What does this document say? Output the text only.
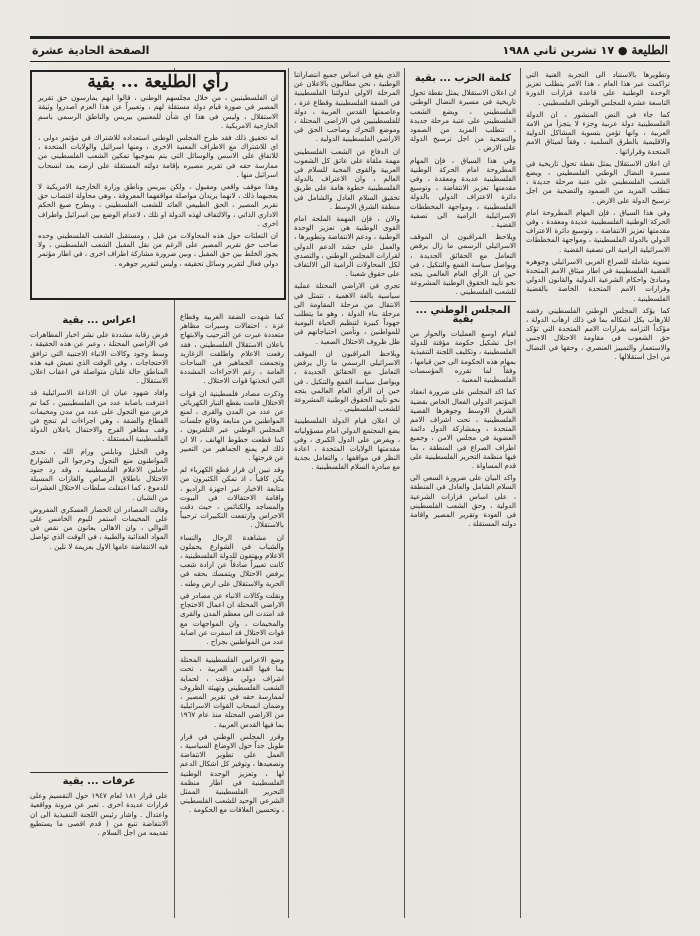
الطليعة ● ١٧ تشرين ثاني ١٩٨٨
الصفحة الحادية عشرة
رأي الطليعة ... بقية

ان الفلسطينيين ، من خلال مجلسهم الوطني ، قالوا انهم يمارسون حق تقرير المصير في صورة قيام دولة مستقلة لهم ، وتعبيراً عن هذا العزم اصدروا وثيقة الاستقلال ، وليس في هذا اي شأن للمعنيين بيريس والناطق الرسمي باسم الخارجية الامريكية .

انه تحقيق ذلك فقد طرح المجلس الوطني استعداده للاشتراك في مؤتمر دولي ، اي للاشتراك مع الاطراف المعنية الاخرى ، ومنها اسرائيل والولايات المتحدة ، للاتفاق على الاسس والوسائل التي يتم بموجبها تمكين الشعب الفلسطيني من ممارسة حقه في تقرير مصيره بإقامة دولته المستقلة على ارضه بعد انسحاب اسرائيل منها .

وهذا موقف واقعي ومقبول ، ولكن بيريس وناطق وزارة الخارجية الامريكية لا يعجبهما ذلك ، لانهما يريدان مواصلة مواقفهما المعروفة ، وهي محاولة اغتصاب حق تقرير المصير ، الحق الطبيعي العائد للشعب الفلسطيني ، وبطرح صيغ الحكم الاداري الذاتي ، والالتفاف لهذه الدولة او تلك ، لاعدام الوضع بين اسرائيل واطراف اخرى .

ان التعلثات حول هذه المحاولات من قبل ، ومستقبل الشعب الفلسطيني وحده صاحب حق تقرير المصير على الرغم من نقل المقبل الشعب الفلسطيني ، ولا يجوز الخلط بين حق المقبل ، وبين ضرورة مشاركة اطراف اخرى ، في اطار مؤتمر دولي فعال لتقرير وسائل تحقيقه ، وليس لتقرير جوهره .

اعراس ... بقية

فرض رقابة مشددة على نشر اخبار المظاهرات في الاراضي المحتلة ، وعبر عن هذه الحقيقة ، وسط وجود وكالات الانباء الاجنبية التي ترافق الاحتجاجات ، وفي الوقت الذي تعيش فيه هذه المناطق حالة غليان متواصلة في اعقاب اعلان الاستقلال .

وافاد شهود عيان ان الاذاعة الاسرائيلية قد اعترفت باصابة عدد من الفلسطينيين ، كما تم فرض منع التجول على عدد من مدن ومخيمات القطاع والضفة ، وهي اجراءات لم تنجح في وقف مظاهر الفرح والاحتفال باعلان الدولة الفلسطينية المستقلة .

وفي الخليل ونابلس ورام الله ، تحدى المواطنون منع التجول وخرجوا الى الشوارع حاملين الاعلام الفلسطينية ، وقد رد جنود الاحتلال باطلاق الرصاص والغازات المسيلة للدموع ، كما اعتقلت سلطات الاحتلال العشرات من الشبان .

وقالت المصادر ان الحصار العسكري المفروض على المخيمات استمر لليوم الخامس على التوالي ، وان الاهالي يعانون من نقص في المواد الغذائية والطبية ، في الوقت الذي تواصل فيه الانتفاضة عامها الاول بعزيمة لا تلين .

عرفات ... بقية

على قرار ١٨١ لعام ١٩٤٧ حول التقسيم وعلى قرارات عديدة اخرى . تعبر عن مرونة وواقعية واعتدال . واشار رئيس اللجنة التنفيذية الى ان الانتفاضة تنبع من ( قدم اقصى ما يستطيع تقديمه من اجل السلام .

كما شهدت الضفة الغربية وقطاع غزة ، احتفالات وسيرات مظاهر متعددة عبرت عن الترحيب والابتهاج باعلان الاستقلال الفلسطيني ، فقد رفعت الاعلام واطلقت الزغاريد وتجمعت الجماهير في الساحات العامة ، رغم الاجراءات المشددة التي اتخذتها قوات الاحتلال .

وذكرت مصادر فلسطينية ان قوات الاحتلال قامت بقطع التيار الكهربائي عن عدد من المدن والقرى ، لمنع المواطنين من متابعة وقائع جلسات المجلس الوطني عبر التلفزيون ، كما قطعت خطوط الهاتف ، الا ان ذلك لم يمنع الجماهير من التعبير عن فرحتها .

وقد تبين ان قرار قطع الكهرباء لم يكن كافياً ، اذ تمكن الكثيرون من متابعة الاخبار عبر اجهزة الراديو ، واقامة الاحتفالات في البيوت والمساجد والكنائس ، حيث دقت الاجراس وارتفعت التكبيرات ترحيباً بالاستقلال .

ان مشاهدة الرجال والنساء والشباب في الشوارع يحملون الاعلام ويهتفون للدولة الفلسطينية ، كانت تعبيراً صادقاً عن ارادة شعب يرفض الاحتلال ويتمسك بحقه في الحرية والاستقلال على ارض وطنه .

ونقلت وكالات الانباء عن مصادر في الاراضي المحتلة ان اعمال الاحتجاج قد امتدت الى معظم المدن والقرى والمخيمات ، وان المواجهات مع قوات الاحتلال قد اسفرت عن اصابة عدد من المواطنين بجراح .

وضع الاعراس الفلسطينية المحتلة بما فيها القدس العربية ، تحت اشراف دولي مؤقت ، لحماية الشعب الفلسطيني وتهيئة الظروف لممارسة حقه في تقرير المصير ، وضمان انسحاب القوات الاسرائيلية من الاراضي المحتلة منذ عام ١٩٦٧ بما فيها القدس العربية .

وقرر المجلس الوطني في قرار طويل جداً حول الاوضاع السياسية ، العمل على تطوير الانتفاضة وتصعيدها ، وتوفير كل اشكال الدعم لها ، وتعزيز الوحدة الوطنية الفلسطينية في اطار منظمة التحرير الفلسطينية الممثل الشرعي الوحيد للشعب الفلسطيني ، وتحسين العلاقات مع الحكومة .

الذي يقع في اساس جميع انتصاراتنا الوطنية ، نحن مطالبون بالاعلان عن المرحلة الاولى لدولتنا الفلسطينية في الضفة الفلسطينية وقطاع غزة ، وعاصمتها القدس العربية ، دولة للفلسطينيين في الاراضي المحتلة ، وموضع التحرك وصاحب الحق في الاراضي الفلسطينية الدولية .

ان الدفاع عن الشعب الفلسطيني مهمة ملقاة على عاتق كل الشعوب العربية والقوى المحبة للسلام في العالم ، وان الاعتراف بالدولة الفلسطينية خطوة هامة على طريق تحقيق السلام العادل والشامل في منطقة الشرق الاوسط .

والان ، فإن المهمة الملحة امام القوى الوطنية هي تعزيز الوحدة الوطنية ، ودعم الانتفاضة وتطويرها ، والعمل على حشد الدعم الدولي لقرارات المجلس الوطني ، والتصدي لكل المحاولات الرامية الى الالتفاف على حقوق شعبنا .

تجري في الاراضي المحتلة عملية سياسية بالغة الاهمية ، تتمثل في الانتقال من مرحلة المقاومة الى مرحلة بناء الدولة ، وهو ما يتطلب جهوداً كبيرة لتنظيم الحياة اليومية للمواطنين ، وتأمين احتياجاتهم في ظل ظروف الاحتلال الصعبة .

ويلاحظ المراقبون ان الموقف الاسرائيلي الرسمي ما زال يرفض التعامل مع الحقائق الجديدة ، ويواصل سياسة القمع والتنكيل ، في حين ان الرأي العام العالمي يتجه نحو تأييد الحقوق الوطنية المشروعة للشعب الفلسطيني .

ان اعلان قيام الدولة الفلسطينية يضع المجتمع الدولي امام مسؤولياته ، ويفرض على الدول الكبرى ، وفي مقدمتها الولايات المتحدة ، اعادة النظر في مواقفها ، والتعامل بجدية مع مبادرة السلام الفلسطينية .

كلمة الحزب ... بقية

ان اعلان الاستقلال يمثل نقطة تحول تاريخية في مسيرة النضال الوطني الفلسطيني ، ويضع الشعب الفلسطيني على عتبة مرحلة جديدة ، تتطلب المزيد من الصمود والتضحية من اجل ترسيخ الدولة على الارض .

وفي هذا السياق ، فإن المهام المطروحة امام الحركة الوطنية الفلسطينية عديدة ومعقدة ، وفي مقدمتها تعزيز الانتفاضة ، وتوسيع دائرة الاعتراف الدولي بالدولة الفلسطينية ، ومواجهة المخططات الاسرائيلية الرامية الى تصفية القضية .

ويلاحظ المراقبون ان الموقف الاسرائيلي الرسمي ما زال يرفض التعامل مع الحقائق الجديدة ، ويواصل سياسة القمع والتنكيل ، في حين ان الرأي العام العالمي يتجه نحو تأييد الحقوق الوطنية المشروعة للشعب الفلسطيني .

المجلس الوطني ... بقية

لقيام اوسع العمليات والحوار من اجل تشكيل حكومة مؤقتة للدولة الفلسطينية ، وتكليف اللجنة التنفيذية بمهام هذه الحكومة الى حين قيامها ، وفقاً لما تقرره المؤسسات الفلسطينية المعنية .

كما اكد المجلس على ضرورة انعقاد المؤتمر الدولي الفعال الخاص بقضية الشرق الاوسط وجوهرها القضية الفلسطينية ، تحت اشراف الامم المتحدة ، وبمشاركة الدول دائمة العضوية في مجلس الامن ، وجميع اطراف الصراع في المنطقة ، بما فيها منظمة التحرير الفلسطينية على قدم المساواة .

واكد البيان على ضرورة السعي الى السلام الشامل والعادل في المنطقة ، على اساس قرارات الشرعية الدولية ، وحق الشعب الفلسطيني في العودة وتقرير المصير واقامة دولته المستقلة .

وتطويرها بالاستناد الى التجربة الغنية التي تراكمت عبر هذا العام ، هذا الامر يتطلب تعزيز الوحدة الوطنية على قاعدة قرارات الدورة التاسعة عشرة للمجلس الوطني الفلسطيني .

كما جاء في النص المنشور ، ان الدولة الفلسطينية دولة عربية وجزء لا يتجزأ من الامة العربية ، وانها تؤمن بتسوية المشاكل الدولية والاقليمية بالطرق السلمية ، وفقاً لميثاق الامم المتحدة وقراراتها .

ان اعلان الاستقلال يمثل نقطة تحول تاريخية في مسيرة النضال الوطني الفلسطيني ، ويضع الشعب الفلسطيني على عتبة مرحلة جديدة ، تتطلب المزيد من الصمود والتضحية من اجل ترسيخ الدولة على الارض .

وفي هذا السياق ، فإن المهام المطروحة امام الحركة الوطنية الفلسطينية عديدة ومعقدة ، وفي مقدمتها تعزيز الانتفاضة ، وتوسيع دائرة الاعتراف الدولي بالدولة الفلسطينية ، ومواجهة المخططات الاسرائيلية الرامية الى تصفية القضية .

تسوية شاملة للصراع العربي الاسرائيلي وجوهره القضية الفلسطينية في اطار ميثاق الامم المتحدة ومبادئ واحكام الشرعية الدولية والقانون الدولي وقرارات الامم المتحدة الخاصة بالقضية الفلسطينية .

كما يؤكد المجلس الوطني الفلسطيني رفضه للارهاب بكل اشكاله بما في ذلك ارهاب الدولة ، مؤكداً التزامه بقرارات الامم المتحدة التي تؤكد حق الشعوب في مقاومة الاحتلال الاجنبي والاستعمار والتمييز العنصري ، وحقها في النضال من اجل استقلالها .
